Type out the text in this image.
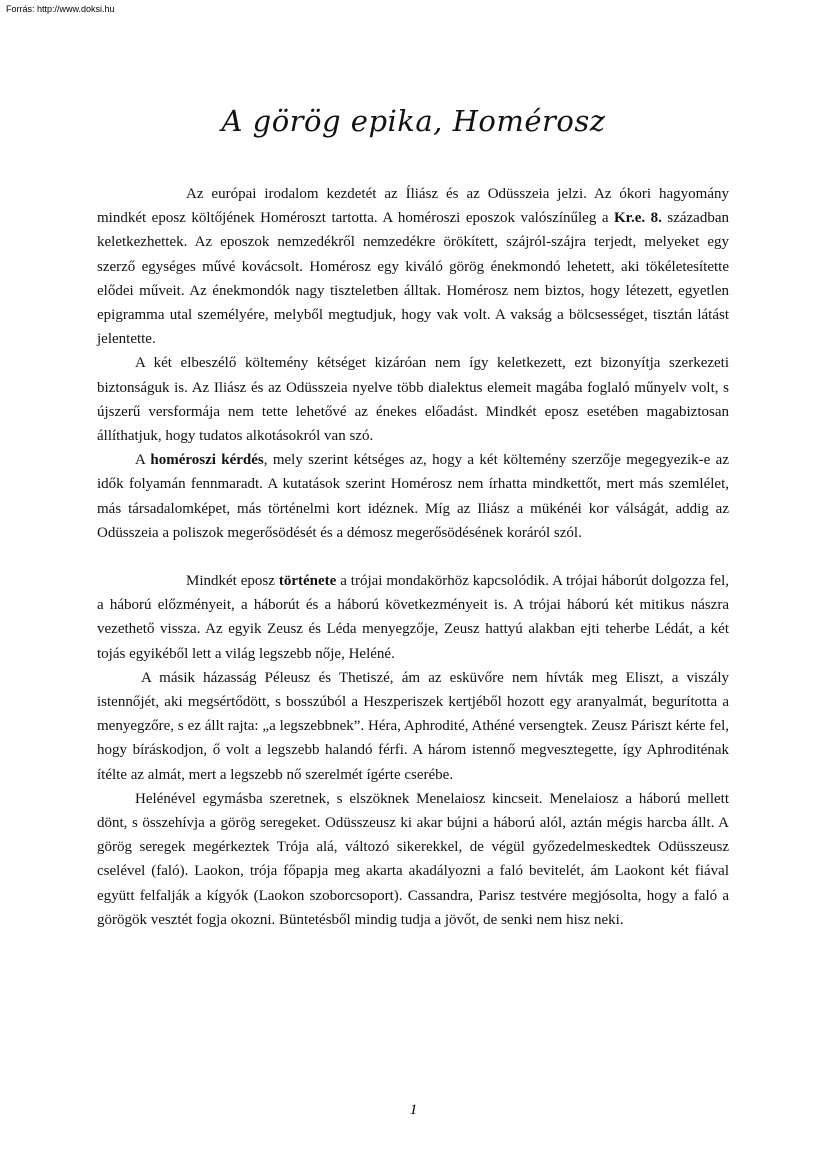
Forrás: http://www.doksi.hu
A görög epika, Homérosz

Az európai irodalom kezdetét az Íliász és az Odüsszeia jelzi. Az ókori hagyomány mindkét eposz költőjének Homéroszt tartotta. A homéroszi eposzok valószínűleg a Kr.e. 8. században keletkezhettek. Az eposzok nemzedékről nemzedékre örökített, szájról-szájra terjedt, melyeket egy szerző egységes művé kovácsolt. Homérosz egy kiváló görög énekmondó lehetett, aki tökéletesítette elődei műveit. Az énekmondók nagy tiszteletben álltak. Homérosz nem biztos, hogy létezett, egyetlen epigramma utal személyére, melyből megtudjuk, hogy vak volt. A vakság a bölcsességet, tisztán látást jelentette.

A két elbeszélő költemény kétséget kizáróan nem így keletkezett, ezt bizonyítja szerkezeti biztonságuk is. Az Iliász és az Odüsszeia nyelve több dialektus elemeit magába foglaló műnyelv volt, s újszerű versformája nem tette lehetővé az énekes előadást. Mindkét eposz esetében magabiztosan állíthatjuk, hogy tudatos alkotásokról van szó.

A homéroszi kérdés, mely szerint kétséges az, hogy a két költemény szerzője megegyezik-e az idők folyamán fennmaradt. A kutatások szerint Homérosz nem írhatta mindkettőt, mert más szemlélet, más társadalomképet, más történelmi kort idéznek. Míg az Iliász a mükénéi kor válságát, addig az Odüsszeia a poliszok megerősödését és a démosz megerősödésének koráról szól.

Mindkét eposz története a trójai mondakörhöz kapcsolódik. A trójai háborút dolgozza fel, a háború előzményeit, a háborút és a háború következményeit is. A trójai háború két mitikus nászra vezethető vissza. Az egyik Zeusz és Léda menyegzője, Zeusz hattyú alakban ejti teherbe Lédát, a két tojás egyikéből lett a világ legszebb nője, Heléné.

A másik házasság Péleusz és Thetiszé, ám az esküvőre nem hívták meg Eliszt, a viszály istennőjét, aki megsértődött, s bosszúból a Heszperiszek kertjéből hozott egy aranyalmát, begurította a menyegzőre, s ez állt rajta: „a legszebbnek”. Héra, Aphrodité, Athéné versengtek. Zeusz Páriszt kérte fel, hogy bíráskodjon, ő volt a legszebb halandó férfi. A három istennő megvesztegette, így Aphroditénak ítélte az almát, mert a legszebb nő szerelmét ígérte cserébe.

Helénével egymásba szeretnek, s elszöknek Menelaiosz kincseit. Menelaiosz a háború mellett dönt, s összehívja a görög seregeket. Odüsszeusz ki akar bújni a háború alól, aztán mégis harcba állt. A görög seregek megérkeztek Trója alá, változó sikerekkel, de végül győzedelmeskedtek Odüsszeusz cselével (faló). Laokon, trója főpapja meg akarta akadályozni a faló bevitelét, ám Laokont két fiával együtt felfalják a kígyók (Laokon szoborcsoport). Cassandra, Parisz testvére megjósolta, hogy a faló a görögök vesztét fogja okozni. Büntetésből mindig tudja a jövőt, de senki nem hisz neki.

1
